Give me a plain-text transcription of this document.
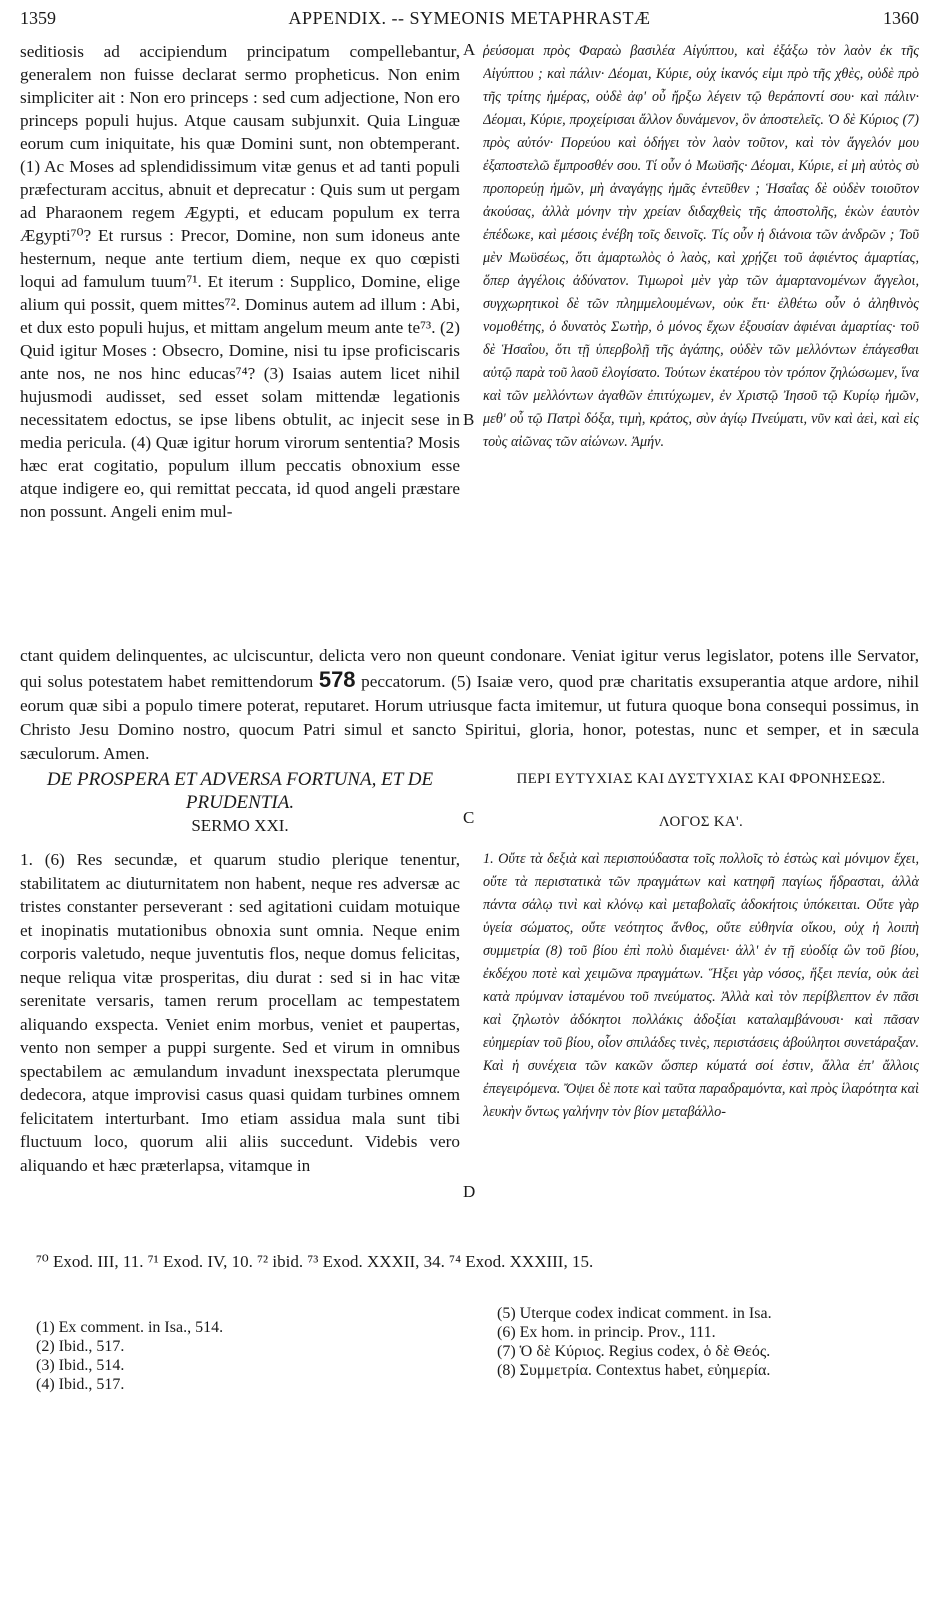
1359	APPENDIX. -- SYMEONIS METAPHRASTÆ	1360

seditiosis ad accipiendum principatum compellebantur, generalem non fuisse declarat sermo propheticus. Non enim simpliciter ait : Non ero princeps : sed cum adjectione, Non ero princeps populi hujus. Atque causam subjunxit. Quia Linguæ eorum cum iniquitate, his quæ Domini sunt, non obtemperant. (1) Ac Moses ad splendidissimum vitæ genus et ad tanti populi præfecturam accitus, abnuit et deprecatur : Quis sum ut pergam ad Pharaonem regem Ægypti, et educam populum ex terra Ægypti⁷⁰? Et rursus : Precor, Domine, non sum idoneus ante hesternum, neque ante tertium diem, neque ex quo cœpisti loqui ad famulum tuum⁷¹. Et iterum : Supplico, Domine, elige alium qui possit, quem mittes⁷². Dominus autem ad illum : Abi, et dux esto populi hujus, et mittam angelum meum ante te⁷³. (2) Quid igitur Moses : Obsecro, Domine, nisi tu ipse proficiscaris ante nos, ne nos hinc educas⁷⁴? (3) Isaias autem licet nihil hujusmodi audisset, sed esset solam mittendæ legationis necessitatem edoctus, se ipse libens obtulit, ac injecit sese in media pericula. (4) Quæ igitur horum virorum sententia? Mosis hæc erat cogitatio, populum illum peccatis obnoxium esse atque indigere eo, qui remittat peccata, id quod angeli præstare non possunt. Angeli enim mul-

A
B

ῥεύσομαι πρὸς Φαραὼ βασιλέα Αἰγύπτου, καὶ ἐξάξω τὸν λαὸν ἐκ τῆς Αἰγύπτου ; καὶ πάλιν· Δέομαι, Κύριε, οὐχ ἱκανός εἰμι πρὸ τῆς χθὲς, οὐδὲ πρὸ τῆς τρίτης ἡμέρας, οὐδὲ ἀφ' οὗ ἤρξω λέγειν τῷ θεράποντί σου· καὶ πάλιν· Δέομαι, Κύριε, προχείρισαι ἄλλον δυνάμενον, ὃν ἀποστελεῖς. Ὁ δὲ Κύριος (7) πρὸς αὐτόν· Πορεύου καὶ ὁδήγει τὸν λαὸν τοῦτον, καὶ τὸν ἄγγελόν μου ἐξαποστελῶ ἔμπροσθέν σου. Τί οὖν ὁ Μωϋσῆς· Δέομαι, Κύριε, εἰ μὴ αὐτὸς σὺ προπορεύῃ ἡμῶν, μὴ ἀναγάγῃς ἡμᾶς ἐντεῦθεν ; Ἡσαΐας δὲ οὐδὲν τοιοῦτον ἀκούσας, ἀλλὰ μόνην τὴν χρείαν διδαχθεὶς τῆς ἀποστολῆς, ἑκὼν ἑαυτὸν ἐπέδωκε, καὶ μέσοις ἐνέβη τοῖς δεινοῖς. Τίς οὖν ἡ διάνοια τῶν ἀνδρῶν ; Τοῦ μὲν Μωϋσέως, ὅτι ἁμαρτωλὸς ὁ λαὸς, καὶ χρῄζει τοῦ ἀφιέντος ἁμαρτίας, ὅπερ ἀγγέλοις ἀδύνατον. Τιμωροὶ μὲν γὰρ τῶν ἁμαρτανομένων ἄγγελοι, συγχωρητικοὶ δὲ τῶν πλημμελουμένων, οὐκ ἔτι· ἐλθέτω οὖν ὁ ἀληθινὸς νομοθέτης, ὁ δυνατὸς Σωτὴρ, ὁ μόνος ἔχων ἐξουσίαν ἀφιέναι ἁμαρτίας· τοῦ δὲ Ἡσαΐου, ὅτι τῇ ὑπερβολῇ τῆς ἀγάπης, οὐδὲν τῶν μελλόντων ἐπάγεσθαι αὐτῷ παρὰ τοῦ λαοῦ ἐλογίσατο. Τούτων ἑκατέρου τὸν τρόπον ζηλώσωμεν, ἵνα καὶ τῶν μελλόντων ἀγαθῶν ἐπιτύχωμεν, ἐν Χριστῷ Ἰησοῦ τῷ Κυρίῳ ἡμῶν, μεθ' οὗ τῷ Πατρὶ δόξα, τιμὴ, κράτος, σὺν ἁγίῳ Πνεύματι, νῦν καὶ ἀεὶ, καὶ εἰς τοὺς αἰῶνας τῶν αἰώνων. Ἀμήν.

ctant quidem delinquentes, ac ulciscuntur, delicta vero non queunt condonare. Veniat igitur verus legislator, potens ille Servator, qui solus potestatem habet remittendorum 578 peccatorum. (5) Isaiæ vero, quod præ charitatis exsuperantia atque ardore, nihil eorum quæ sibi a populo timere poterat, reputaret. Horum utriusque facta imitemur, ut futura quoque bona consequi possimus, in Christo Jesu Domino nostro, quocum Patri simul et sancto Spiritui, gloria, honor, potestas, nunc et semper, et in sæcula sæculorum. Amen.

DE PROSPERA ET ADVERSA FORTUNA, ET DE PRUDENTIA.
SERMO XXI.	C
ΠΕΡΙ ΕΥΤΥΧΙΑΣ ΚΑΙ ΔΥΣΤΥΧΙΑΣ ΚΑΙ ΦΡΟΝΗΣΕΩΣ.
ΛΟΓΟΣ ΚΑ'.

1. (6) Res secundæ, et quarum studio plerique tenentur, stabilitatem ac diuturnitatem non habent, neque res adversæ ac tristes constanter perseverant : sed agitationi cuidam motuique et inopinatis mutationibus obnoxia sunt omnia. Neque enim corporis valetudo, neque juventutis flos, neque domus felicitas, neque reliqua vitæ prosperitas, diu durat : sed si in hac vitæ serenitate versaris, tamen rerum procellam ac tempestatem aliquando exspecta. Veniet enim morbus, veniet et paupertas, vento non semper a puppi surgente. Sed et virum in omnibus spectabilem ac æmulandum invadunt inexspectata plerumque dedecora, atque improvisi casus quasi quidam turbines omnem felicitatem interturbant. Imo etiam assidua mala sunt tibi fluctuum loco, quorum alii aliis succedunt. Videbis vero aliquando et hæc præterlapsa, vitamque in

D

1. Οὔτε τὰ δεξιὰ καὶ περισπούδαστα τοῖς πολλοῖς τὸ ἑστὼς καὶ μόνιμον ἔχει, οὔτε τὰ περιστατικὰ τῶν πραγμάτων καὶ κατηφῆ παγίως ἥδρασται, ἀλλὰ πάντα σάλῳ τινὶ καὶ κλόνῳ καὶ μεταβολαῖς ἀδοκήτοις ὑπόκειται. Οὔτε γὰρ ὑγεία σώματος, οὔτε νεότητος ἄνθος, οὔτε εὐθηνία οἴκου, οὐχ ἡ λοιπὴ συμμετρία (8) τοῦ βίου ἐπὶ πολὺ διαμένει· ἀλλ' ἐν τῇ εὐοδίᾳ ὢν τοῦ βίου, ἐκδέχου ποτὲ καὶ χειμῶνα πραγμάτων. Ἥξει γὰρ νόσος, ἥξει πενία, οὐκ ἀεὶ κατὰ πρύμναν ἱσταμένου τοῦ πνεύματος. Ἀλλὰ καὶ τὸν περίβλεπτον ἐν πᾶσι καὶ ζηλωτὸν ἀδόκητοι πολλάκις ἀδοξίαι καταλαμβάνουσι· καὶ πᾶσαν εὐημερίαν τοῦ βίου, οἷον σπιλάδες τινὲς, περιστάσεις ἀβούλητοι συνετάραξαν. Καὶ ἡ συνέχεια τῶν κακῶν ὥσπερ κύματά σοί ἐστιν, ἄλλα ἐπ' ἄλλοις ἐπεγειρόμενα. Ὄψει δὲ ποτε καὶ ταῦτα παραδραμόντα, καὶ πρὸς ἱλαρότητα καὶ λευκὴν ὄντως γαλήνην τὸν βίον μεταβάλλο-

⁷⁰ Exod. III, 11. ⁷¹ Exod. IV, 10. ⁷² ibid. ⁷³ Exod. XXXII, 34. ⁷⁴ Exod. XXXIII, 15.
(1) Ex comment. in Isa., 514.
(2) Ibid., 517.
(3) Ibid., 514.
(4) Ibid., 517.
(5) Uterque codex indicat comment. in Isa.
(6) Ex hom. in princip. Prov., 111.
(7) Ὁ δὲ Κύριος. Regius codex, ὁ δὲ Θεός.
(8) Συμμετρία. Contextus habet, εὐημερία.
